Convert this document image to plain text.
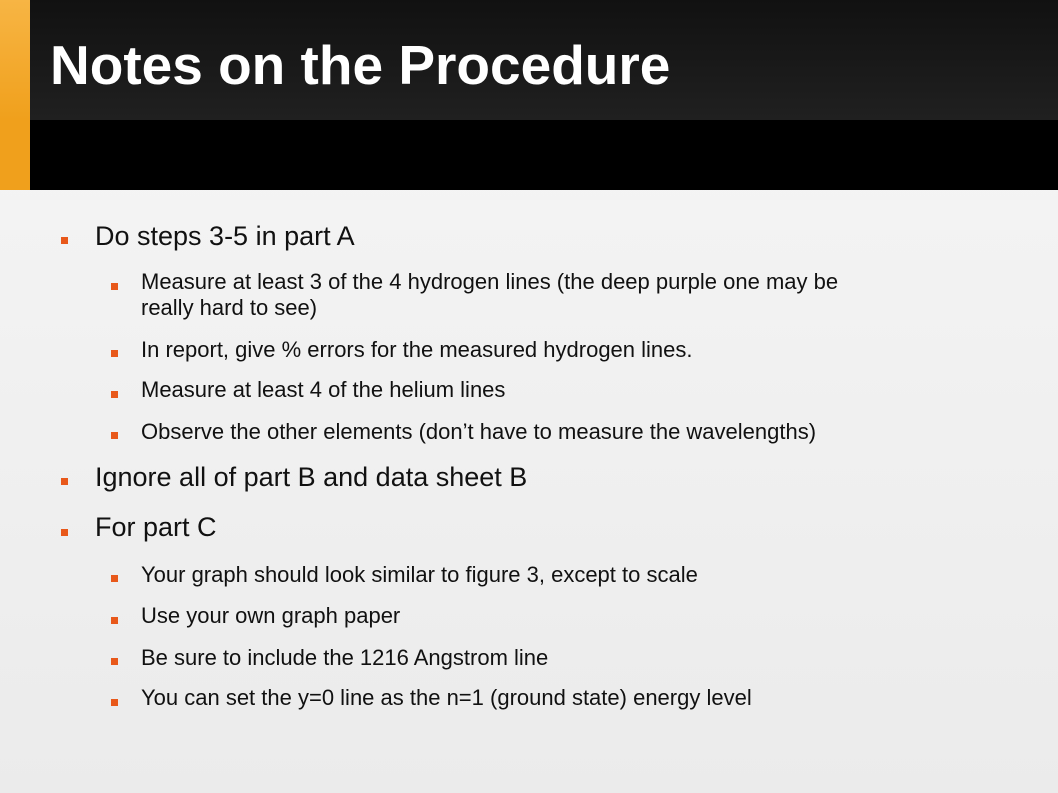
Notes on the Procedure
Do steps 3-5 in part A
Measure at least 3 of the 4 hydrogen lines (the deep purple one may be
really hard to see)
In report, give % errors for the measured hydrogen lines.
Measure at least 4 of the helium lines
Observe the other elements (don’t have to measure the wavelengths)
Ignore all of part B and data sheet B
For part C
Your graph should look similar to figure 3, except to scale
Use your own graph paper
Be sure to include the 1216 Angstrom line
You can set the y=0 line as the n=1 (ground state) energy level
